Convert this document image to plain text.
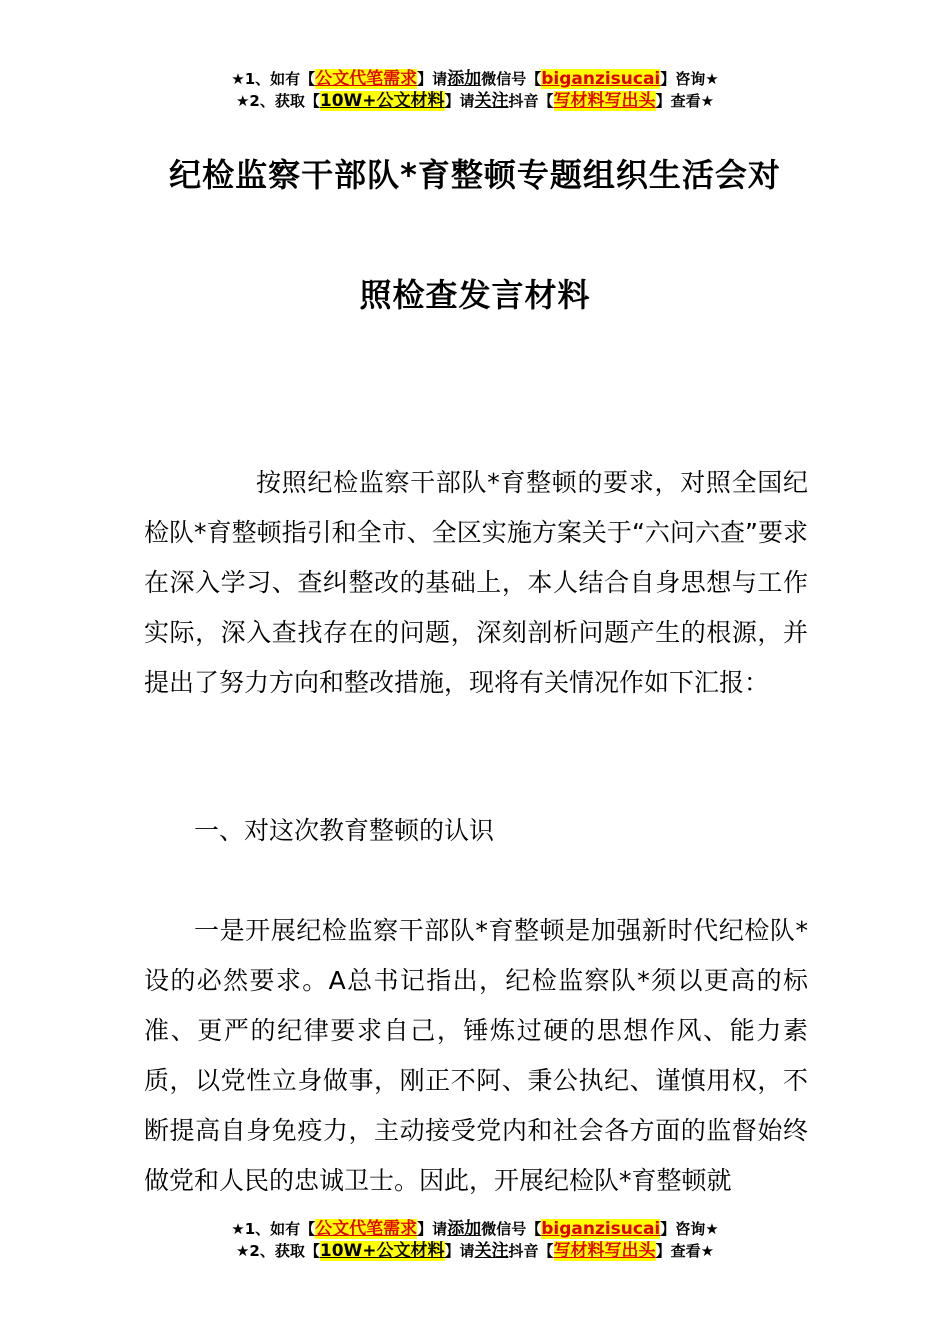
★1、如有【公文代笔需求】请添加微信号【biganzisucai】咨询★
★2、获取【10W+公文材料】请关注抖音【写材料写出头】查看★
纪检监察干部队*育整顿专题组织生活会对
照检查发言材料

按照纪检监察干部队*育整顿的要求，对照全国纪检队*育整顿指引和全市、全区实施方案关于“六问六查”要求在深入学习、查纠整改的基础上，本人结合自身思想与工作实际，深入查找存在的问题，深刻剖析问题产生的根源，并提出了努力方向和整改措施，现将有关情况作如下汇报：

一、对这次教育整顿的认识

一是开展纪检监察干部队*育整顿是加强新时代纪检队*设的必然要求。A总书记指出，纪检监察队*须以更高的标准、更严的纪律要求自己，锤炼过硬的思想作风、能力素质，以党性立身做事，刚正不阿、秉公执纪、谨慎用权，不断提高自身免疫力，主动接受党内和社会各方面的监督始终做党和人民的忠诚卫士。因此，开展纪检队*育整顿就

★1、如有【公文代笔需求】请添加微信号【biganzisucai】咨询★
★2、获取【10W+公文材料】请关注抖音【写材料写出头】查看★
